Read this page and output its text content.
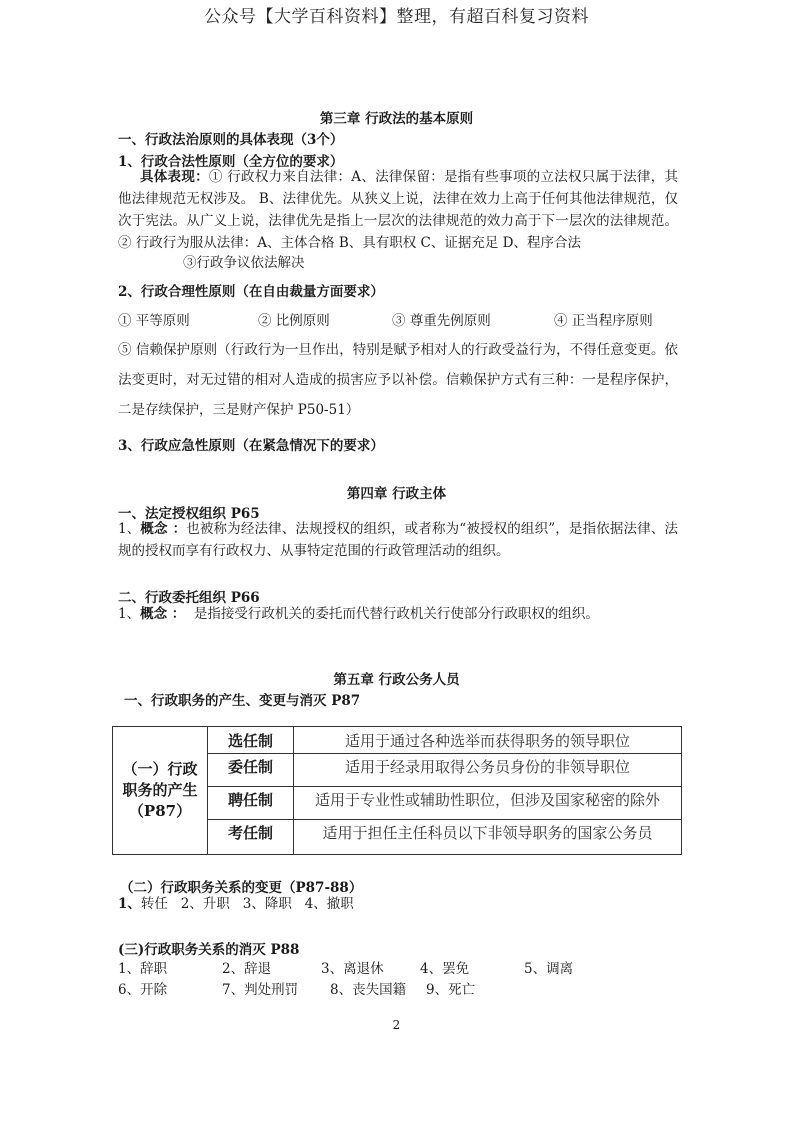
公众号【大学百科资料】整理，有超百科复习资料
第三章 行政法的基本原则
一、行政法治原则的具体表现（3个）
1、行政合法性原则（全方位的要求）
具体表现：① 行政权力来自法律：A、法律保留：是指有些事项的立法权只属于法律，其他法律规范无权涉及。 B、法律优先。从狭义上说，法律在效力上高于任何其他法律规范，仅次于宪法。从广义上说，法律优先是指上一层次的法律规范的效力高于下一层次的法律规范。 ② 行政行为服从法律：A、主体合格 B、具有职权 C、证据充足 D、程序合法
③行政争议依法解决
2、行政合理性原则（在自由裁量方面要求）
① 平等原则	② 比例原则	③ 尊重先例原则	④ 正当程序原则
⑤ 信赖保护原则（行政行为一旦作出，特别是赋予相对人的行政受益行为，不得任意变更。依法变更时，对无过错的相对人造成的损害应予以补偿。信赖保护方式有三种：一是程序保护，二是存续保护，三是财产保护 P50-51）
3、行政应急性原则（在紧急情况下的要求）
第四章 行政主体
一、法定授权组织 P65
1、概念 ：也被称为经法律、法规授权的组织，或者称为“被授权的组织”，是指依据法律、法规的授权而享有行政权力、从事特定范围的行政管理活动的组织。
二、行政委托组织 P66
1、概念 ： 是指接受行政机关的委托而代替行政机关行使部分行政职权的组织。
第五章 行政公务人员
一、行政职务的产生、变更与消灭 P87
（一）行政
职务的产生
（P87）	选任制	适用于通过各种选举而获得职务的领导职位
	委任制	适用于经录用取得公务员身份的非领导职位
	聘任制	适用于专业性或辅助性职位，但涉及国家秘密的除外
	考任制	适用于担任主任科员以下非领导职务的国家公务员
（二）行政职务关系的变更（P87-88）
1、转任 2、升职 3、降职 4、撤职
(三)行政职务关系的消灭 P88
1、辞职	2、辞退	3、离退休	4、罢免	5、调离
6、开除	7、判处刑罚 8、丧失国籍 9、死亡
2
